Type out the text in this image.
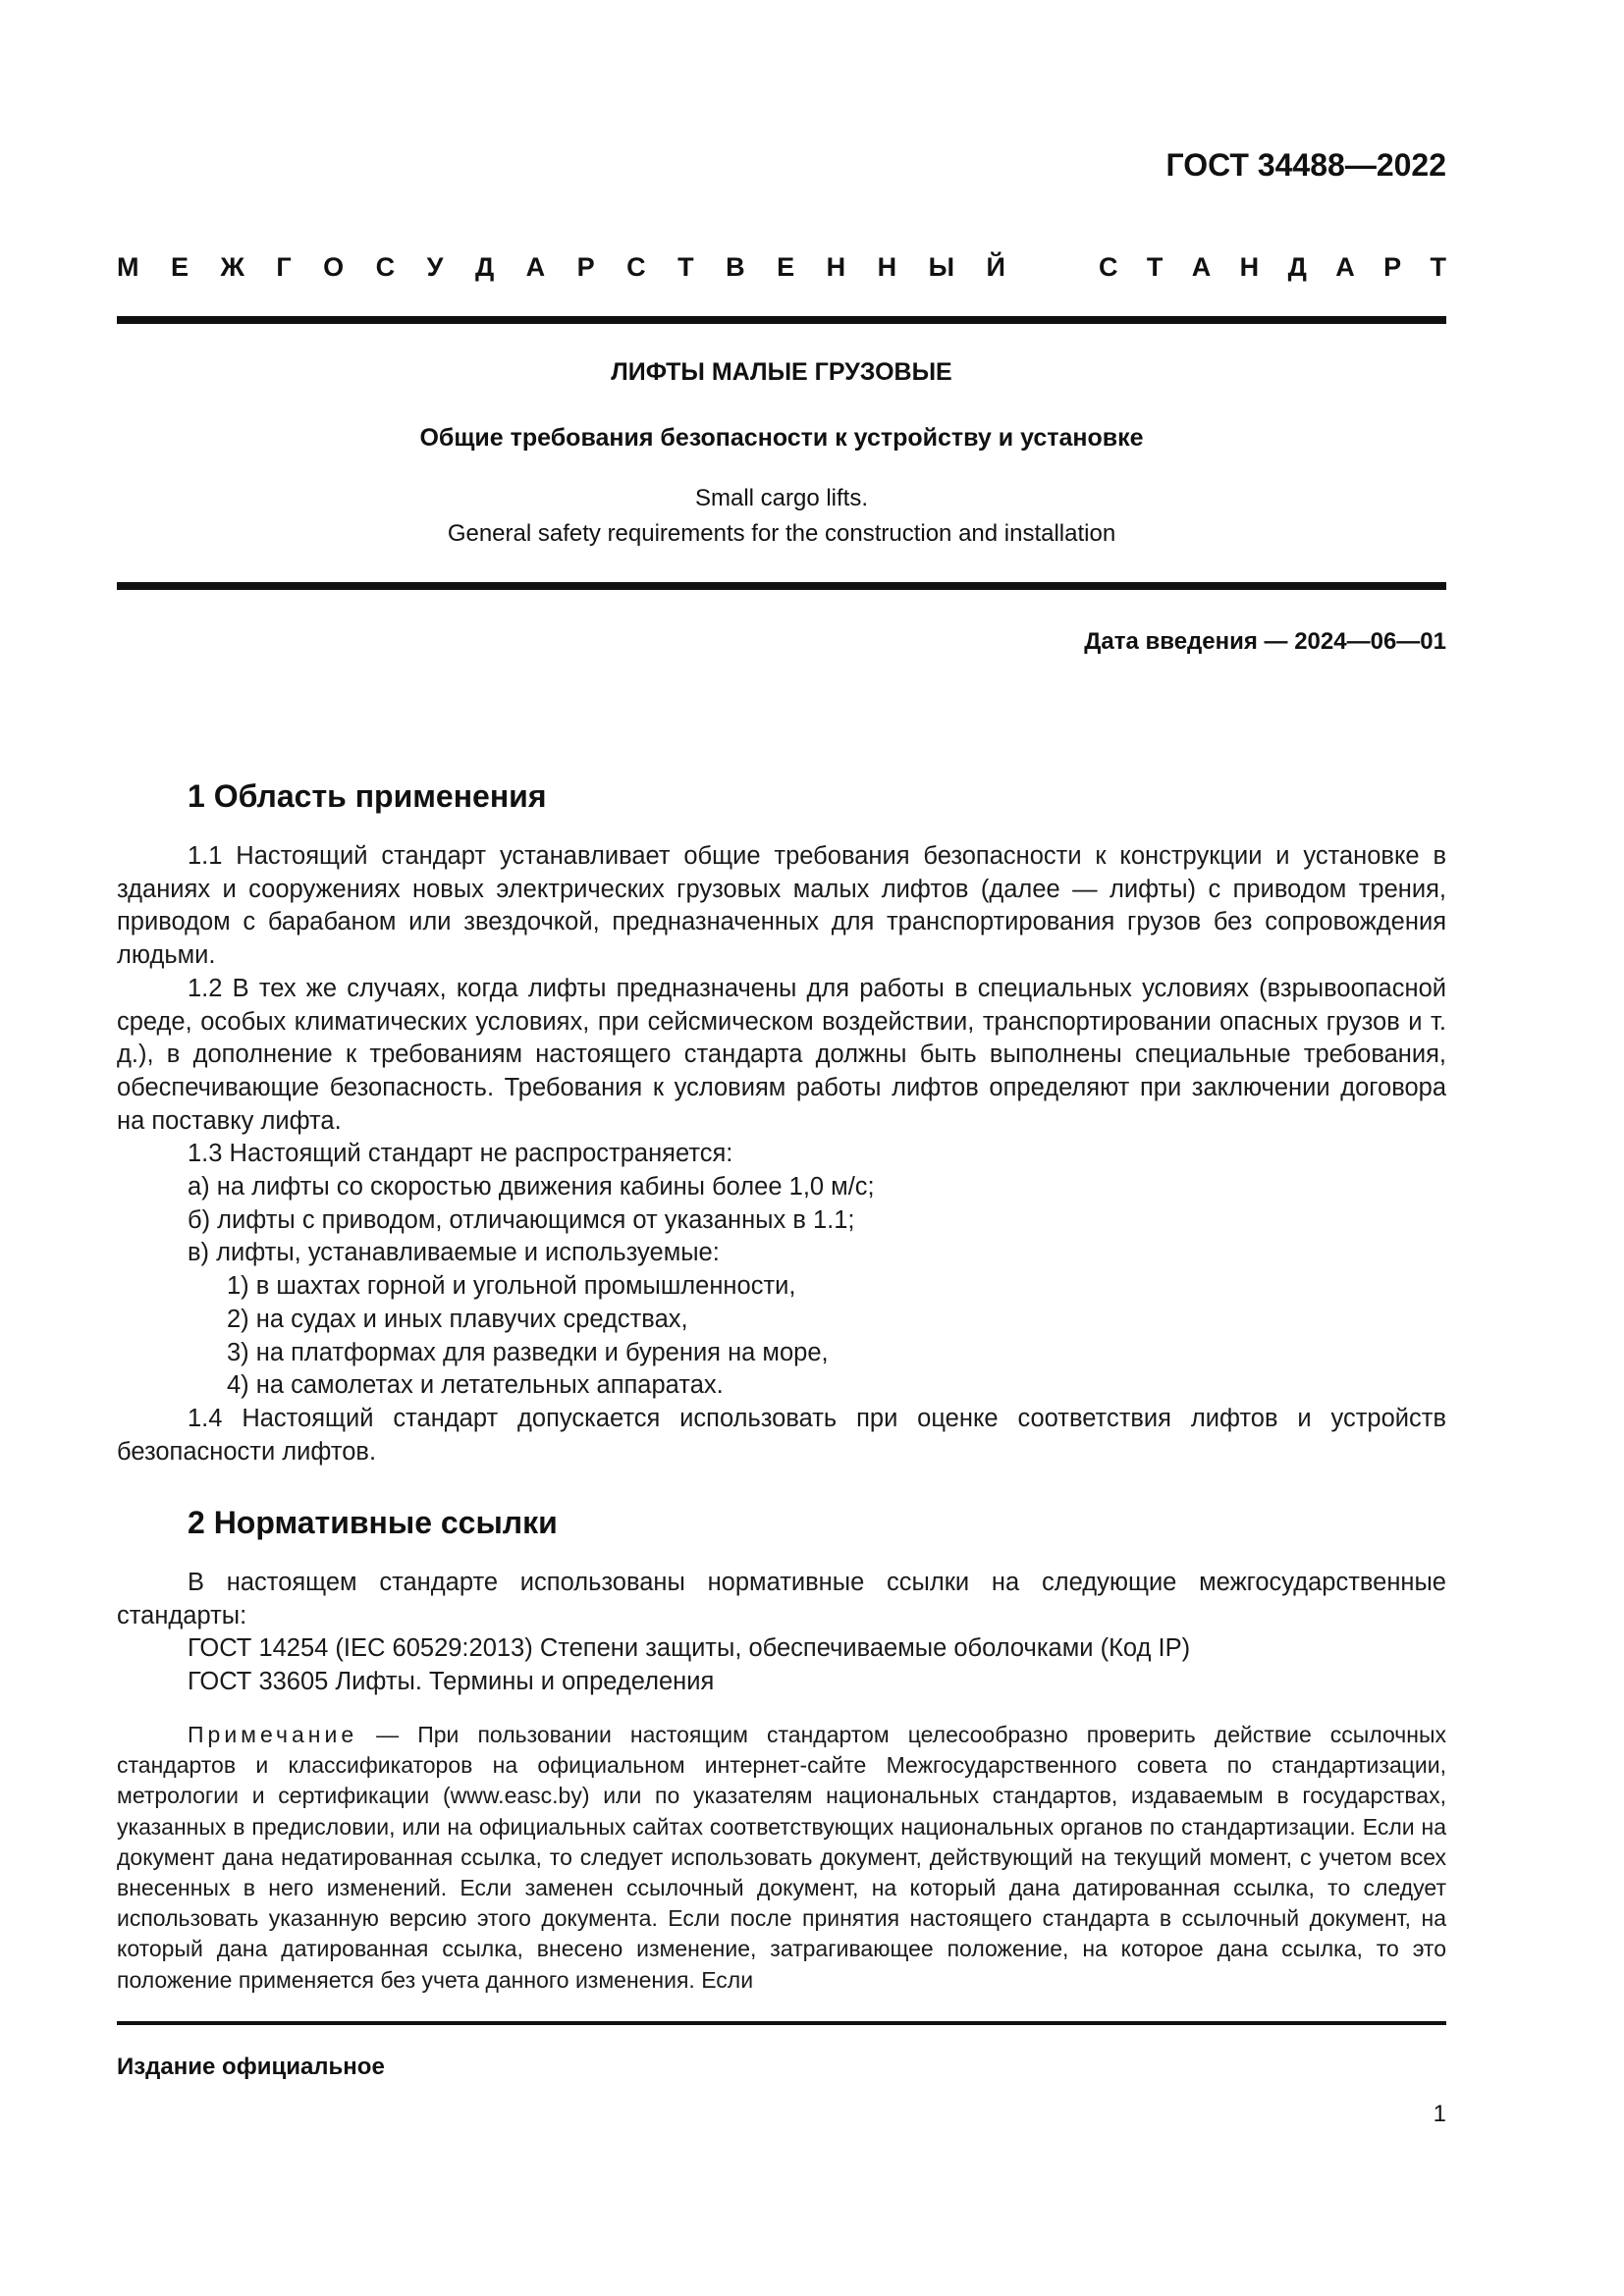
ГОСТ 34488—2022
М Е Ж Г О С У Д А Р С Т В Е Н Н Ы Й	С Т А Н Д А Р Т
ЛИФТЫ МАЛЫЕ ГРУЗОВЫЕ
Общие требования безопасности к устройству и установке
Small cargo lifts.
General safety requirements for the construction and installation
Дата введения — 2024—06—01
1 Область применения

1.1 Настоящий стандарт устанавливает общие требования безопасности к конструкции и установке в зданиях и сооружениях новых электрических грузовых малых лифтов (далее — лифты) с приводом трения, приводом с барабаном или звездочкой, предназначенных для транспортирования грузов без сопровождения людьми.

1.2 В тех же случаях, когда лифты предназначены для работы в специальных условиях (взрывоопасной среде, особых климатических условиях, при сейсмическом воздействии, транспортировании опасных грузов и т. д.), в дополнение к требованиям настоящего стандарта должны быть выполнены специальные требования, обеспечивающие безопасность. Требования к условиям работы лифтов определяют при заключении договора на поставку лифта.

1.3 Настоящий стандарт не распространяется:

а) на лифты со скоростью движения кабины более 1,0 м/с;
б) лифты с приводом, отличающимся от указанных в 1.1;
в) лифты, устанавливаемые и используемые:
1) в шахтах горной и угольной промышленности,
2) на судах и иных плавучих средствах,
3) на платформах для разведки и бурения на море,
4) на самолетах и летательных аппаратах.

1.4 Настоящий стандарт допускается использовать при оценке соответствия лифтов и устройств безопасности лифтов.

2 Нормативные ссылки

В настоящем стандарте использованы нормативные ссылки на следующие межгосударственные стандарты:

ГОСТ 14254 (IEC 60529:2013) Степени защиты, обеспечиваемые оболочками (Код IP)
ГОСТ 33605 Лифты. Термины и определения
Примечание — При пользовании настоящим стандартом целесообразно проверить действие ссылочных стандартов и классификаторов на официальном интернет-сайте Межгосударственного совета по стандартизации, метрологии и сертификации (www.easc.by) или по указателям национальных стандартов, издаваемым в государствах, указанных в предисловии, или на официальных сайтах соответствующих национальных органов по стандартизации. Если на документ дана недатированная ссылка, то следует использовать документ, действующий на текущий момент, с учетом всех внесенных в него изменений. Если заменен ссылочный документ, на который дана датированная ссылка, то следует использовать указанную версию этого документа. Если после принятия настоящего стандарта в ссылочный документ, на который дана датированная ссылка, внесено изменение, затрагивающее положение, на которое дана ссылка, то это положение применяется без учета данного изменения. Если
Издание официальное
1
